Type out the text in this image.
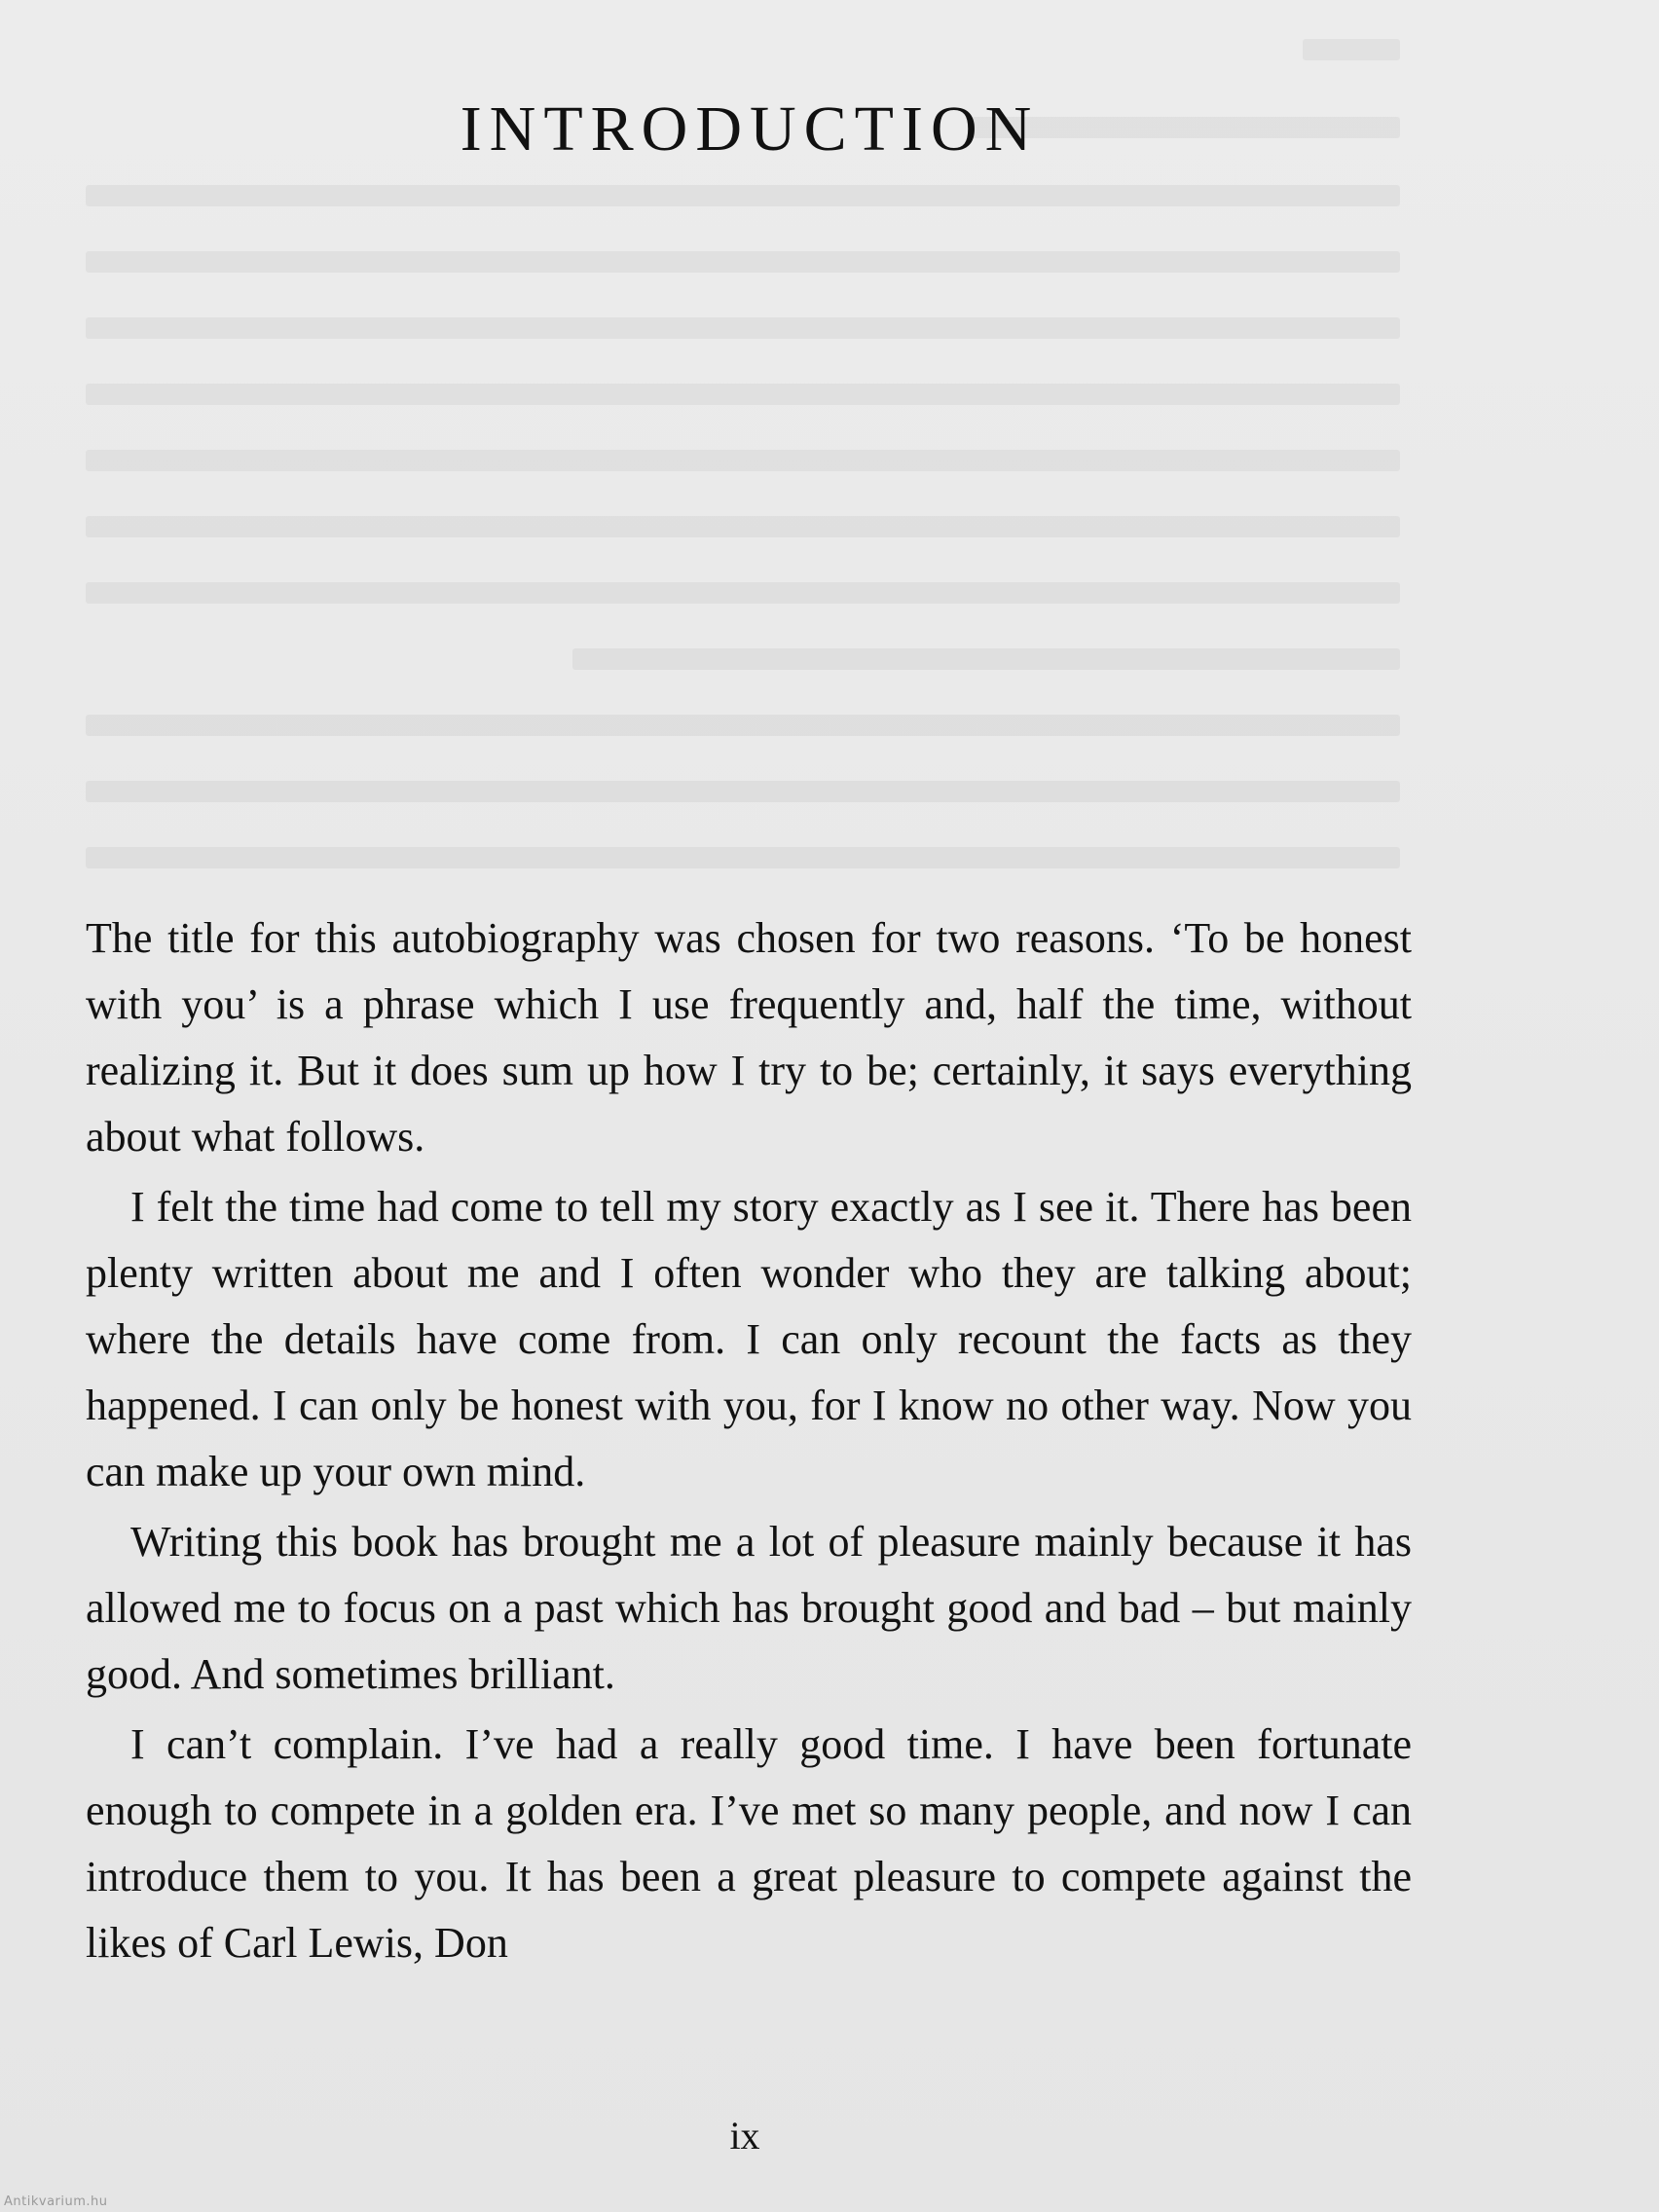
INTRODUCTION

The title for this autobiography was chosen for two reasons. ‘To be honest with you’ is a phrase which I use frequently and, half the time, without realizing it. But it does sum up how I try to be; certainly, it says everything about what follows.

I felt the time had come to tell my story exactly as I see it. There has been plenty written about me and I often wonder who they are talking about; where the details have come from. I can only recount the facts as they happened. I can only be honest with you, for I know no other way. Now you can make up your own mind.

Writing this book has brought me a lot of pleasure mainly because it has allowed me to focus on a past which has brought good and bad – but mainly good. And sometimes brilliant.

I can’t complain. I’ve had a really good time. I have been fortunate enough to compete in a golden era. I’ve met so many people, and now I can introduce them to you. It has been a great pleasure to compete against the likes of Carl Lewis, Don

ix
Antikvarium.hu
